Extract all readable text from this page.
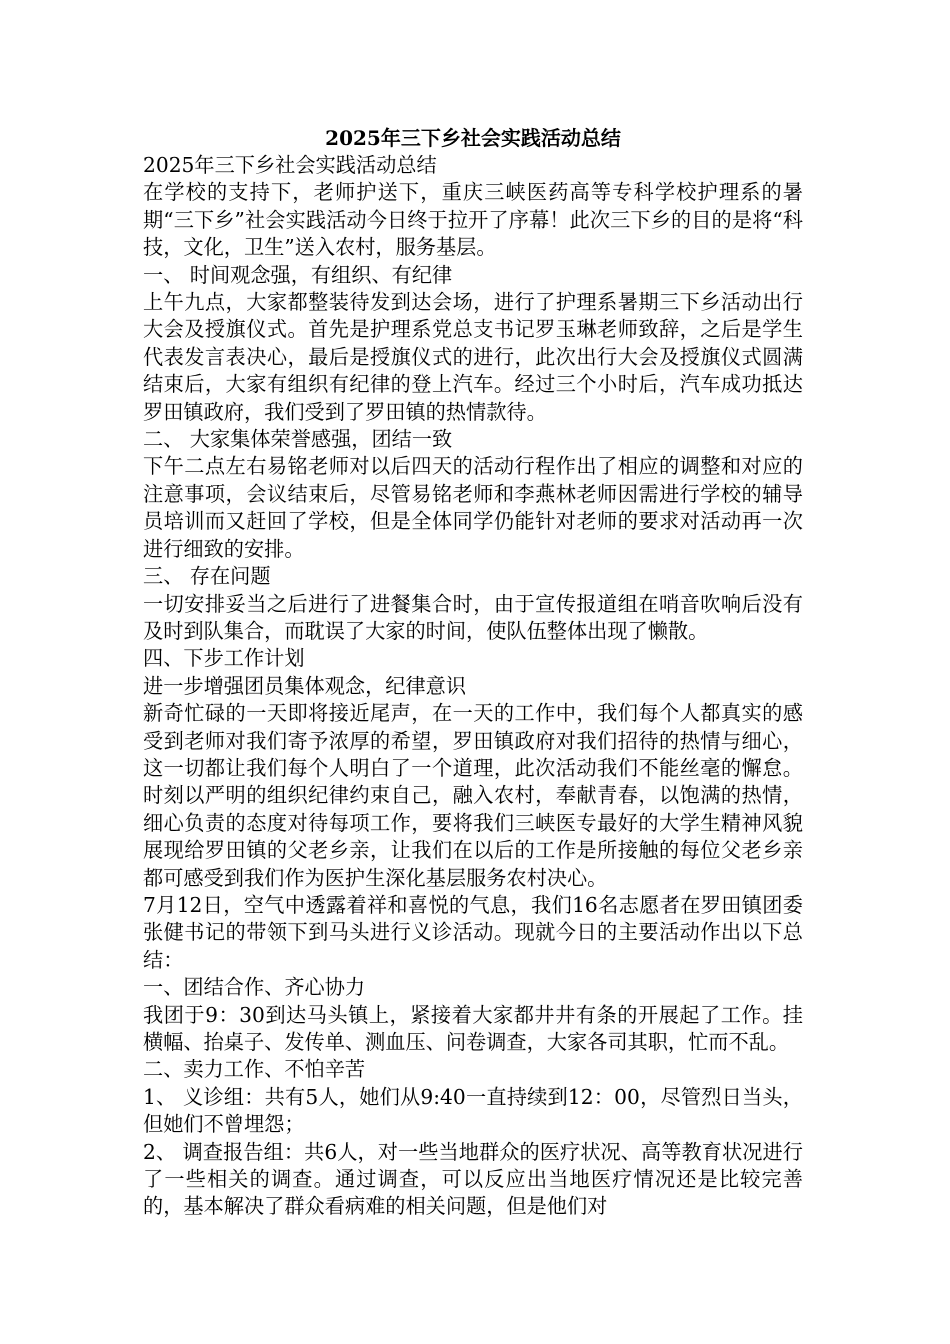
2025年三下乡社会实践活动总结

2025年三下乡社会实践活动总结

在学校的支持下，老师护送下，重庆三峡医药高等专科学校护理系的暑期“三下乡”社会实践活动今日终于拉开了序幕！此次三下乡的目的是将“科技，文化，卫生”送入农村，服务基层。

一、 时间观念强，有组织、有纪律

上午九点，大家都整装待发到达会场，进行了护理系暑期三下乡活动出行大会及授旗仪式。首先是护理系党总支书记罗玉琳老师致辞，之后是学生代表发言表决心，最后是授旗仪式的进行，此次出行大会及授旗仪式圆满结束后，大家有组织有纪律的登上汽车。经过三个小时后，汽车成功抵达罗田镇政府，我们受到了罗田镇的热情款待。

二、 大家集体荣誉感强，团结一致

下午二点左右易铭老师对以后四天的活动行程作出了相应的调整和对应的注意事项，会议结束后，尽管易铭老师和李燕林老师因需进行学校的辅导员培训而又赶回了学校，但是全体同学仍能针对老师的要求对活动再一次进行细致的安排。

三、 存在问题

一切安排妥当之后进行了进餐集合时，由于宣传报道组在哨音吹响后没有及时到队集合，而耽误了大家的时间，使队伍整体出现了懒散。

四、下步工作计划

进一步增强团员集体观念，纪律意识

新奇忙碌的一天即将接近尾声，在一天的工作中，我们每个人都真实的感受到老师对我们寄予浓厚的希望，罗田镇政府对我们招待的热情与细心，这一切都让我们每个人明白了一个道理，此次活动我们不能丝毫的懈怠。时刻以严明的组织纪律约束自己，融入农村，奉献青春，以饱满的热情，细心负责的态度对待每项工作，要将我们三峡医专最好的大学生精神风貌展现给罗田镇的父老乡亲，让我们在以后的工作是所接触的每位父老乡亲都可感受到我们作为医护生深化基层服务农村决心。

7月12日，空气中透露着祥和喜悦的气息，我们16名志愿者在罗田镇团委张健书记的带领下到马头进行义诊活动。现就今日的主要活动作出以下总结：

一、团结合作、齐心协力

我团于9：30到达马头镇上，紧接着大家都井井有条的开展起了工作。挂横幅、抬桌子、发传单、测血压、问卷调查，大家各司其职，忙而不乱。

二、卖力工作、不怕辛苦

1、 义诊组：共有5人，她们从9:40一直持续到12：00，尽管烈日当头，但她们不曾埋怨；

2、 调查报告组：共6人，对一些当地群众的医疗状况、高等教育状况进行了一些相关的调查。通过调查，可以反应出当地医疗情况还是比较完善的，基本解决了群众看病难的相关问题，但是他们对
